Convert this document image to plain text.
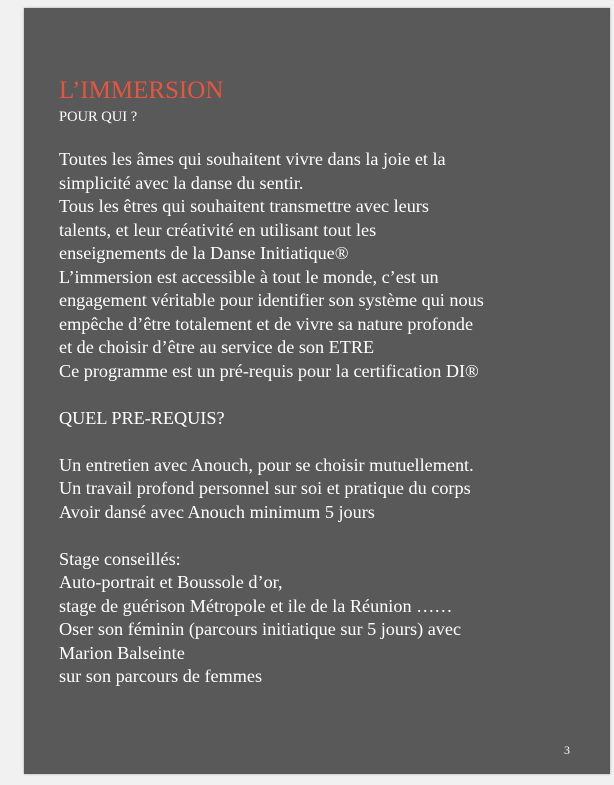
L’IMMERSION
POUR QUI ?
Toutes les âmes qui souhaitent vivre dans la joie et la
simplicité avec la danse du sentir.
Tous les êtres qui souhaitent transmettre avec leurs
talents, et leur créativité en utilisant tout les
enseignements de la Danse Initiatique®
L’immersion est accessible à tout le monde, c’est un
engagement véritable pour identifier son système qui nous
empêche d’être totalement et de vivre sa nature profonde
et de choisir d’être au service de son ETRE
Ce programme est un pré-requis pour la certification DI®
QUEL PRE-REQUIS?
Un entretien avec Anouch, pour se choisir mutuellement.
Un travail profond personnel sur soi et pratique du corps
Avoir dansé avec Anouch minimum 5 jours
Stage conseillés:
Auto-portrait et Boussole d’or,
stage de guérison Métropole et ile de la Réunion ……
Oser son féminin (parcours initiatique sur 5 jours) avec
Marion Balseinte
sur son parcours de femmes
3
